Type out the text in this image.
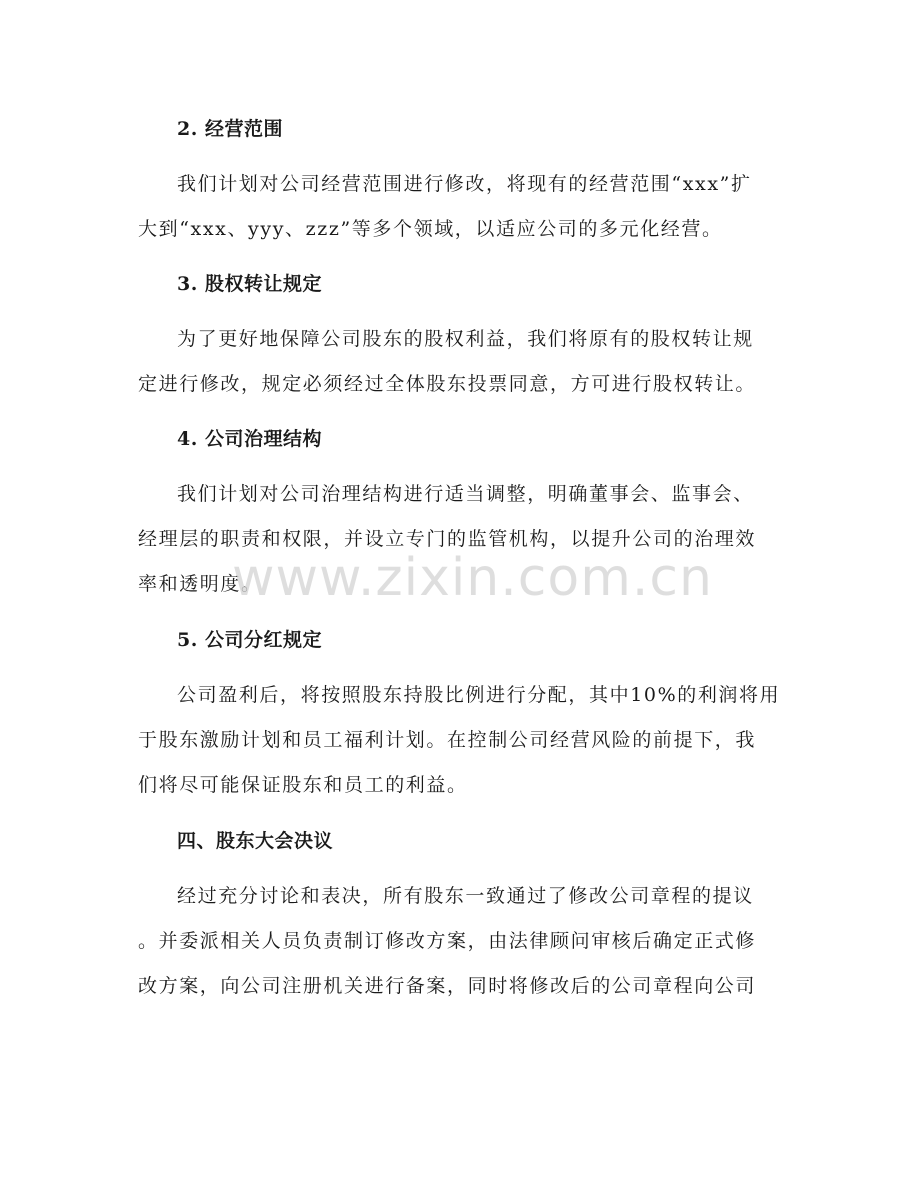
2. 经营范围
我们计划对公司经营范围进行修改，将现有的经营范围“xxx”扩
大到“xxx、yyy、zzz”等多个领域，以适应公司的多元化经营。
3. 股权转让规定
为了更好地保障公司股东的股权利益，我们将原有的股权转让规
定进行修改，规定必须经过全体股东投票同意，方可进行股权转让。
4. 公司治理结构
我们计划对公司治理结构进行适当调整，明确董事会、监事会、
经理层的职责和权限，并设立专门的监管机构，以提升公司的治理效
率和透明度。
5. 公司分红规定
公司盈利后，将按照股东持股比例进行分配，其中10%的利润将用
于股东激励计划和员工福利计划。在控制公司经营风险的前提下，我
们将尽可能保证股东和员工的利益。
四、股东大会决议
经过充分讨论和表决，所有股东一致通过了修改公司章程的提议
。并委派相关人员负责制订修改方案，由法律顾问审核后确定正式修
改方案，向公司注册机关进行备案，同时将修改后的公司章程向公司
www.zixin.com.cn
